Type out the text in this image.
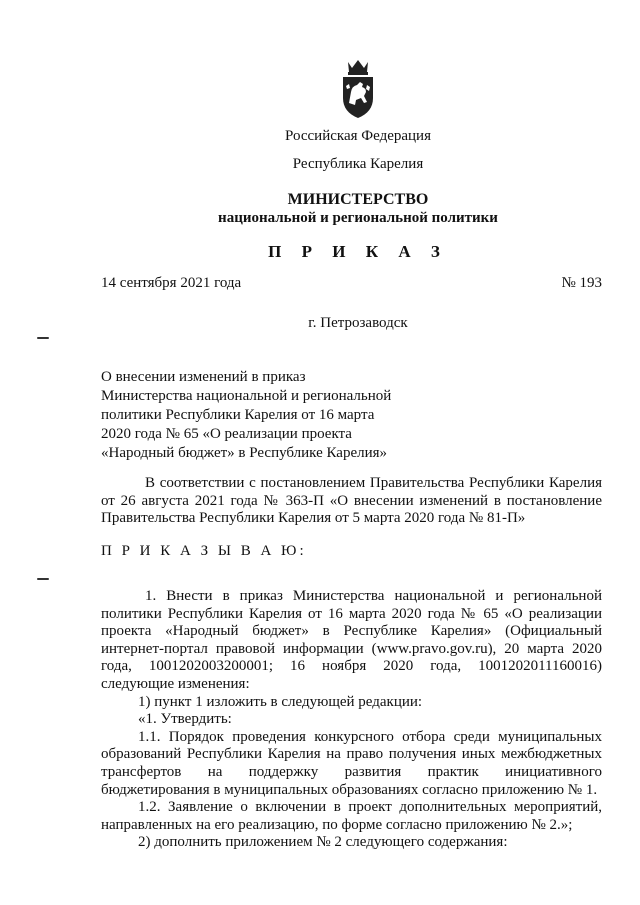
Российская Федерация
Республика Карелия
МИНИСТЕРСТВО
национальной и региональной политики
П Р И К А З
14 сентября 2021 года	№ 193
г. Петрозаводск
О внесении изменений в приказ
Министерства национальной и региональной
политики Республики Карелия от 16 марта
2020 года № 65 «О реализации проекта
«Народный бюджет» в Республике Карелия»
В соответствии с постановлением Правительства Республики Карелия
от 26 августа 2021 года № 363-П «О внесении изменений в постановление
Правительства Республики Карелия от 5 марта 2020 года № 81-П»
П Р И К А З Ы В А Ю:
1. Внести в приказ Министерства национальной и региональной
политики Республики Карелия от 16 марта 2020 года № 65 «О реализации
проекта «Народный бюджет» в Республике Карелия» (Официальный
интернет-портал правовой информации (www.pravo.gov.ru), 20 марта 2020
года, 1001202003200001; 16 ноября 2020 года, 1001202011160016)
следующие изменения:
1) пункт 1 изложить в следующей редакции:
«1. Утвердить:
1.1. Порядок проведения конкурсного отбора среди муниципальных
образований Республики Карелия на право получения иных межбюджетных
трансфертов на поддержку развития практик инициативного
бюджетирования в муниципальных образованиях согласно приложению № 1.
1.2. Заявление о включении в проект дополнительных мероприятий,
направленных на его реализацию, по форме согласно приложению № 2.»;
2) дополнить приложением № 2 следующего содержания:
